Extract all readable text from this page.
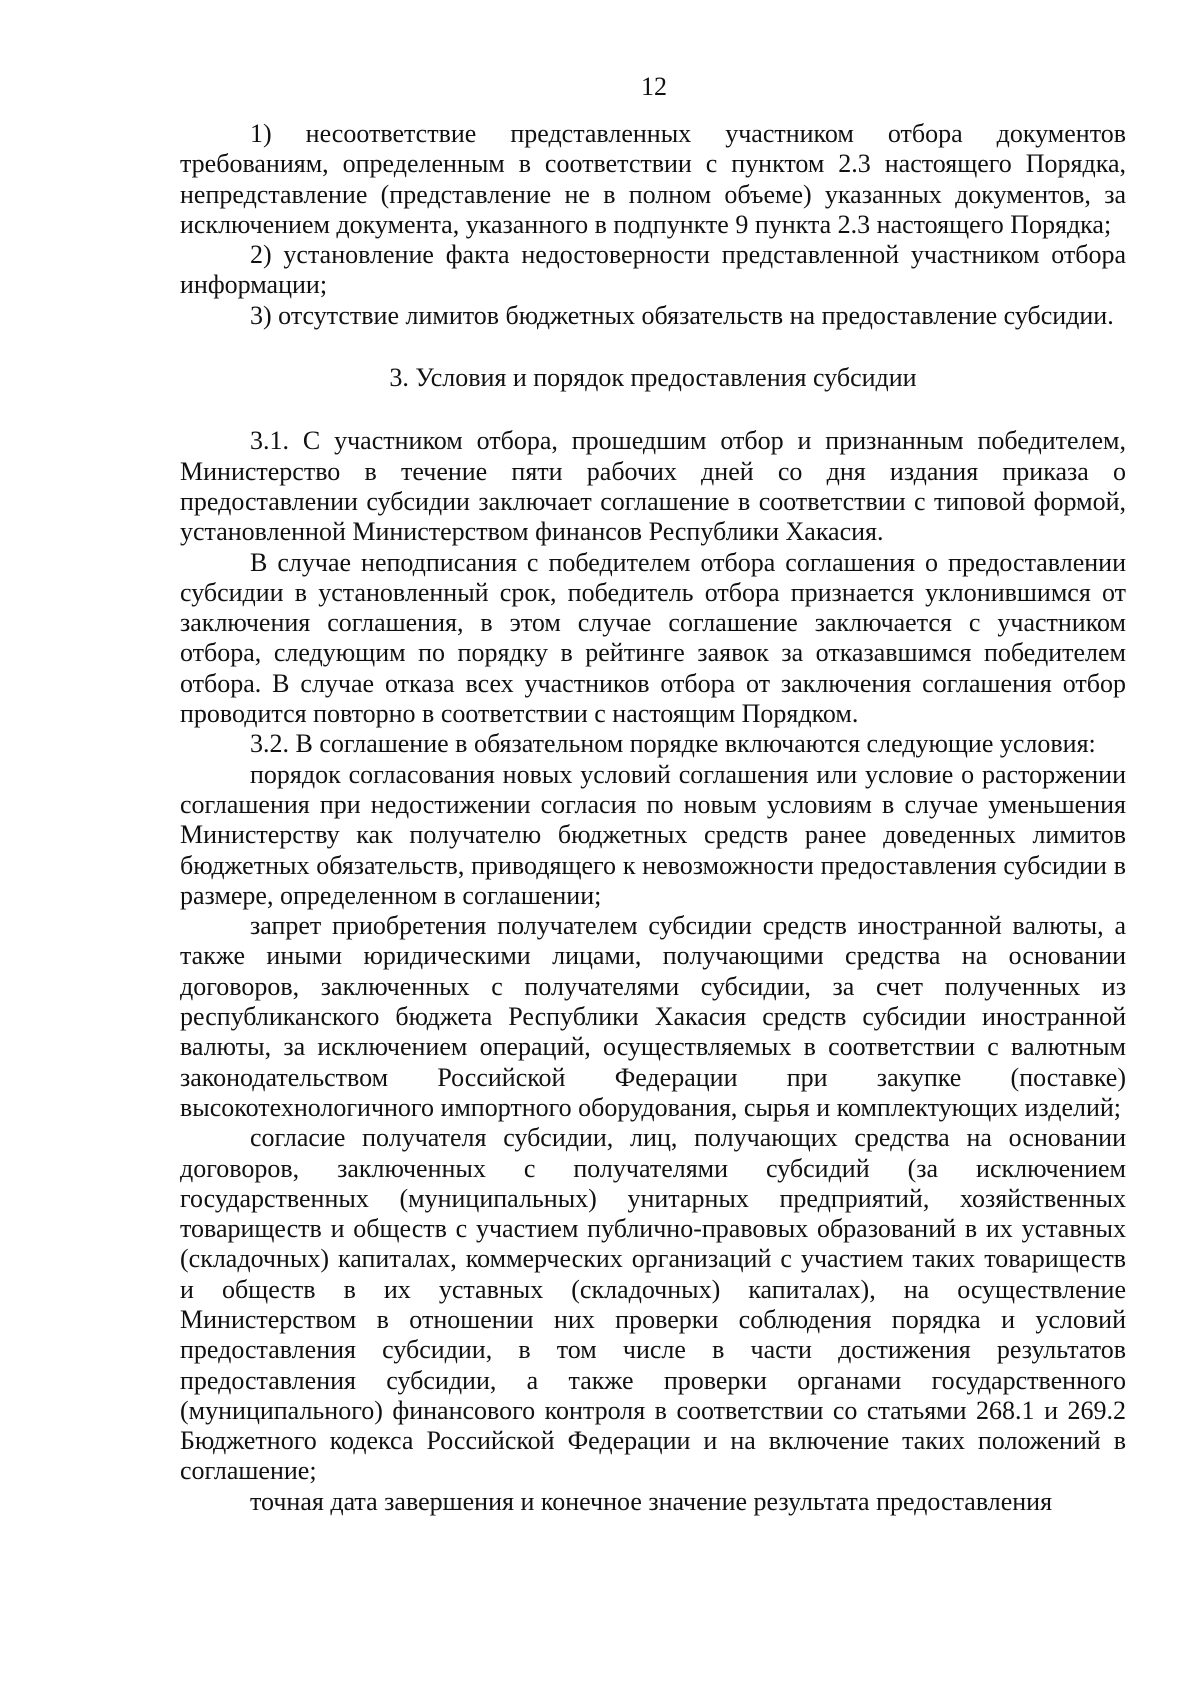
12

1) несоответствие представленных участником отбора документов требованиям, определенным в соответствии с пунктом 2.3 настоящего Порядка, непредставление (представление не в полном объеме) указанных документов, за исключением документа, указанного в подпункте 9 пункта 2.3 настоящего Порядка;

2) установление факта недостоверности представленной участником отбора информации;

3) отсутствие лимитов бюджетных обязательств на предоставление субсидии.

3. Условия и порядок предоставления субсидии

3.1. С участником отбора, прошедшим отбор и признанным победителем, Министерство в течение пяти рабочих дней со дня издания приказа о предоставлении субсидии заключает соглашение в соответствии с типовой формой, установленной Министерством финансов Республики Хакасия.

В случае неподписания с победителем отбора соглашения о предоставлении субсидии в установленный срок, победитель отбора признается уклонившимся от заключения соглашения, в этом случае соглашение заключается с участником отбора, следующим по порядку в рейтинге заявок за отказавшимся победителем отбора. В случае отказа всех участников отбора от заключения соглашения отбор проводится повторно в соответствии с настоящим Порядком.

3.2. В соглашение в обязательном порядке включаются следующие условия:

порядок согласования новых условий соглашения или условие о расторжении соглашения при недостижении согласия по новым условиям в случае уменьшения Министерству как получателю бюджетных средств ранее доведенных лимитов бюджетных обязательств, приводящего к невозможности предоставления субсидии в размере, определенном в соглашении;

запрет приобретения получателем субсидии средств иностранной валюты, а также иными юридическими лицами, получающими средства на основании договоров, заключенных с получателями субсидии, за счет полученных из республиканского бюджета Республики Хакасия средств субсидии иностранной валюты, за исключением операций, осуществляемых в соответствии с валютным законодательством Российской Федерации при закупке (поставке) высокотехнологичного импортного оборудования, сырья и комплектующих изделий;

согласие получателя субсидии, лиц, получающих средства на основании договоров, заключенных с получателями субсидий (за исключением государственных (муниципальных) унитарных предприятий, хозяйственных товариществ и обществ с участием публично-правовых образований в их уставных (складочных) капиталах, коммерческих организаций с участием таких товариществ и обществ в их уставных (складочных) капиталах), на осуществление Министерством в отношении них проверки соблюдения порядка и условий предоставления субсидии, в том числе в части достижения результатов предоставления субсидии, а также проверки органами государственного (муниципального) финансового контроля в соответствии со статьями 268.1 и 269.2 Бюджетного кодекса Российской Федерации и на включение таких положений в соглашение;

точная дата завершения и конечное значение результата предоставления
